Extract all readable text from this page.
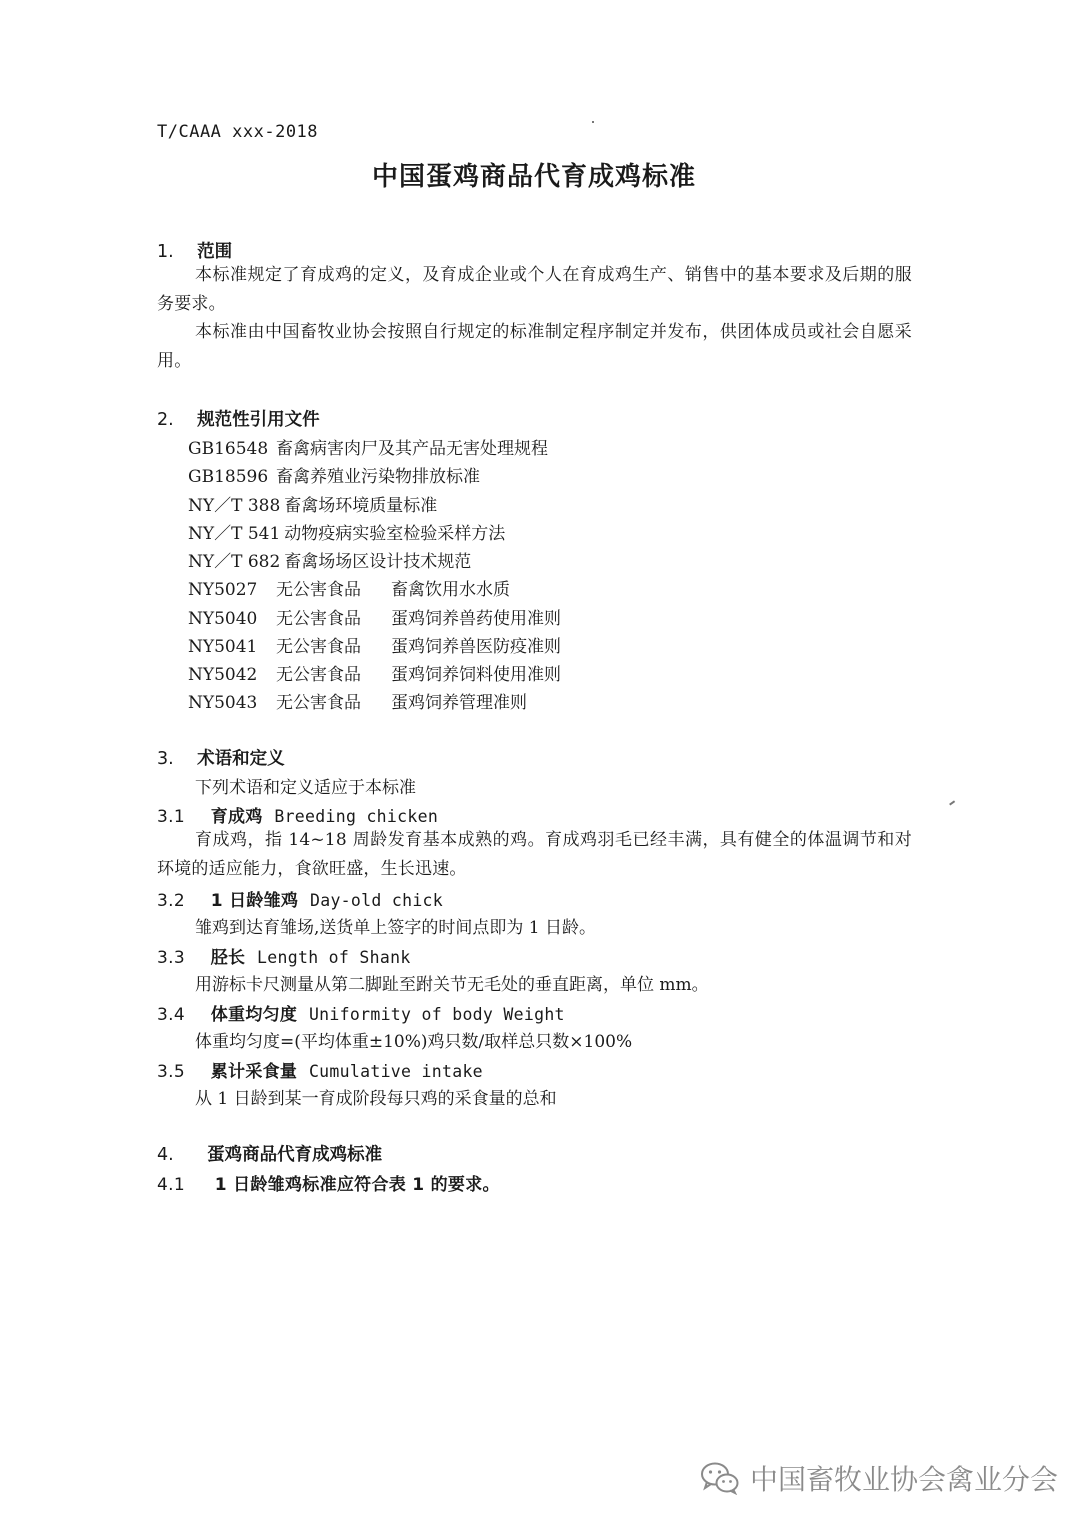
T/CAAA xxx-2018
中国蛋鸡商品代育成鸡标准
1. 范围
本标准规定了育成鸡的定义，及育成企业或个人在育成鸡生产、销售中的基本要求及后期的服务要求。
本标准由中国畜牧业协会按照自行规定的标准制定程序制定并发布，供团体成员或社会自愿采用。
2. 规范性引用文件
GB16548 畜禽病害肉尸及其产品无害处理规程
GB18596 畜禽养殖业污染物排放标准
NY／T 388 畜禽场环境质量标准
NY／T 541 动物疫病实验室检验采样方法
NY／T 682 畜禽场场区设计技术规范
NY5027	无公害食品	畜禽饮用水水质
NY5040	无公害食品	蛋鸡饲养兽药使用准则
NY5041	无公害食品	蛋鸡饲养兽医防疫准则
NY5042	无公害食品	蛋鸡饲养饲料使用准则
NY5043	无公害食品	蛋鸡饲养管理准则
3. 术语和定义
下列术语和定义适应于本标准
3.1 育成鸡 Breeding chicken
育成鸡，指 14~18 周龄发育基本成熟的鸡。育成鸡羽毛已经丰满，具有健全的体温调节和对环境的适应能力，食欲旺盛，生长迅速。
3.2 1 日龄雏鸡 Day-old chick
雏鸡到达育雏场,送货单上签字的时间点即为 1 日龄。
3.3 胫长 Length of Shank
用游标卡尺测量从第二脚趾至跗关节无毛处的垂直距离，单位 mm。
3.4 体重均匀度 Uniformity of body Weight
体重均匀度=(平均体重±10%)鸡只数/取样总只数×100%
3.5 累计采食量 Cumulative intake
从 1 日龄到某一育成阶段每只鸡的采食量的总和
4. 蛋鸡商品代育成鸡标准
4.1 1 日龄雏鸡标准应符合表 1 的要求。
中国畜牧业协会禽业分会
